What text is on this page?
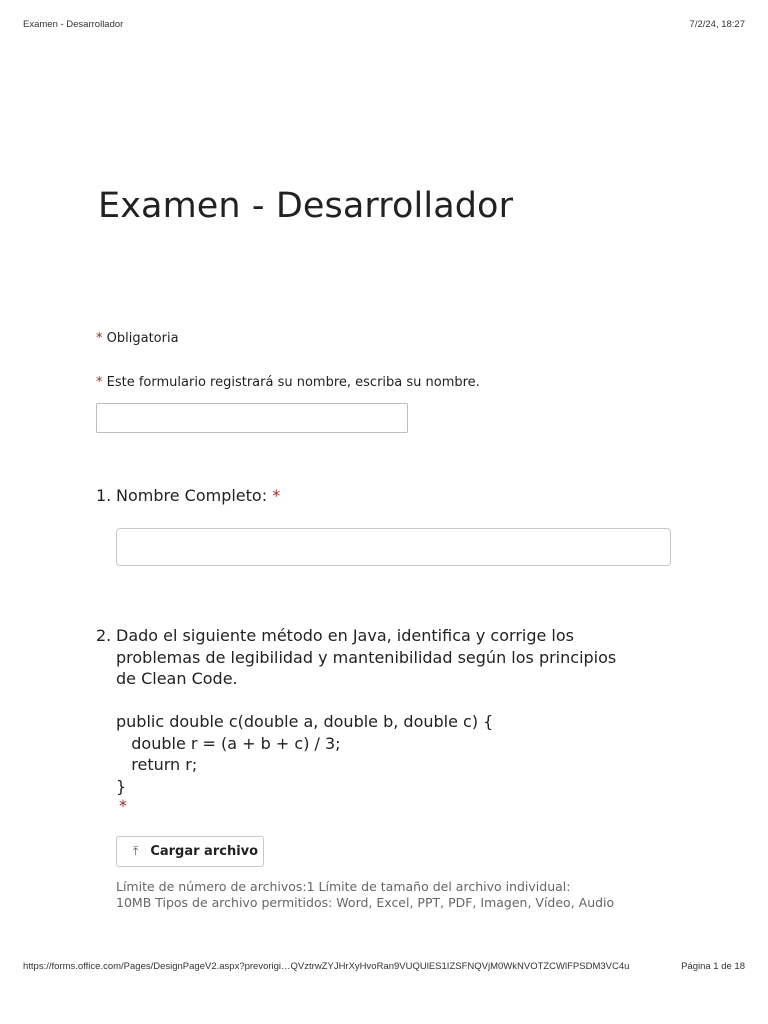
Examen - Desarrollador	7/2/24, 18:27
Examen - Desarrollador
* Obligatoria
* Este formulario registrará su nombre, escriba su nombre.
1. Nombre Completo: *
2. Dado el siguiente método en Java, identifica y corrige los
problemas de legibilidad y mantenibilidad según los principios
de Clean Code.

public double c(double a, double b, double c) {
double r = (a + b + c) / 3;
return r;
}
*
⤒ Cargar archivo
Límite de número de archivos:1 Límite de tamaño del archivo individual:
10MB Tipos de archivo permitidos: Word, Excel, PPT, PDF, Imagen, Vídeo, Audio
https://forms.office.com/Pages/DesignPageV2.aspx?prevorigi…QVztrwZYJHrXyHvoRan9VUQUlES1IZSFNQVjM0WkNVOTZCWlFPSDM3VC4u	Página 1 de 18
